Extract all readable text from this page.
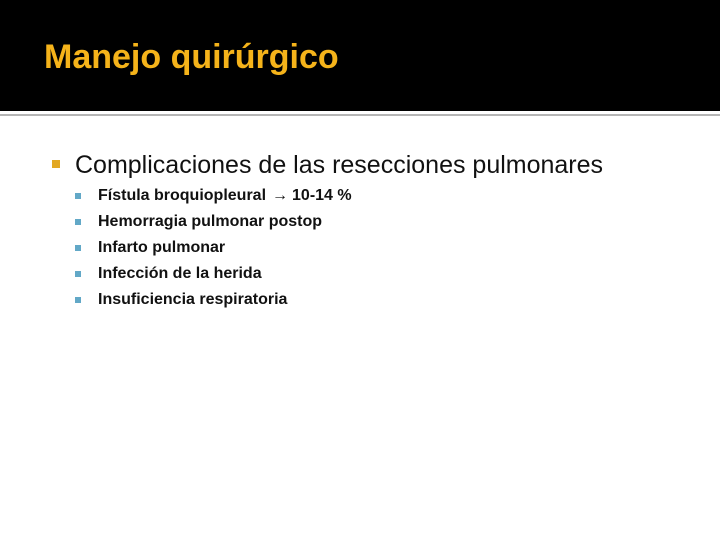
Manejo quirúrgico
Complicaciones de las resecciones pulmonares
Fístula broquiopleural → 10-14 %
Hemorragia pulmonar postop
Infarto pulmonar
Infección de la herida
Insuficiencia respiratoria
